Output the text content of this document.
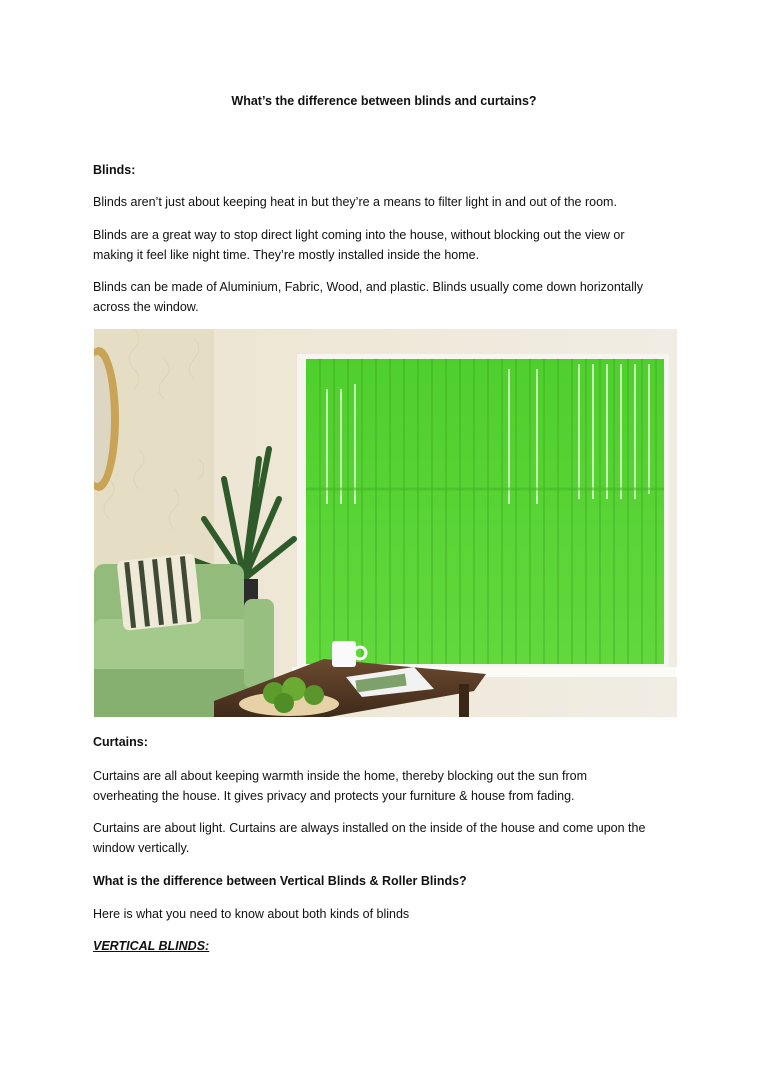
What’s the difference between blinds and curtains?
Blinds:
Blinds aren’t just about keeping heat in but they’re a means to filter light in and out of the room.
Blinds are a great way to stop direct light coming into the house, without blocking out the view or
making it feel like night time. They’re mostly installed inside the home.
Blinds can be made of Aluminium, Fabric, Wood, and plastic. Blinds usually come down horizontally
across the window.
Curtains:
Curtains are all about keeping warmth inside the home, thereby blocking out the sun from
overheating the house. It gives privacy and protects your furniture & house from fading.
Curtains are about light. Curtains are always installed on the inside of the house and come upon the
window vertically.
What is the difference between Vertical Blinds & Roller Blinds?
Here is what you need to know about both kinds of blinds
VERTICAL BLINDS:
